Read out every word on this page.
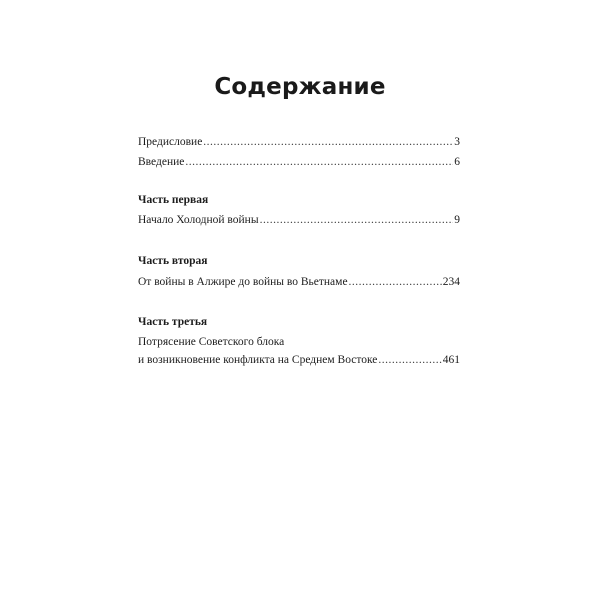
Содержание
Предисловие .....	3
Введение .....	6
Часть первая
Начало Холодной войны .....	9
Часть вторая
От войны в Алжире до войны во Вьетнаме .....	234
Часть третья
Потрясение Советского блока
и возникновение конфликта на Среднем Востоке .....	461
